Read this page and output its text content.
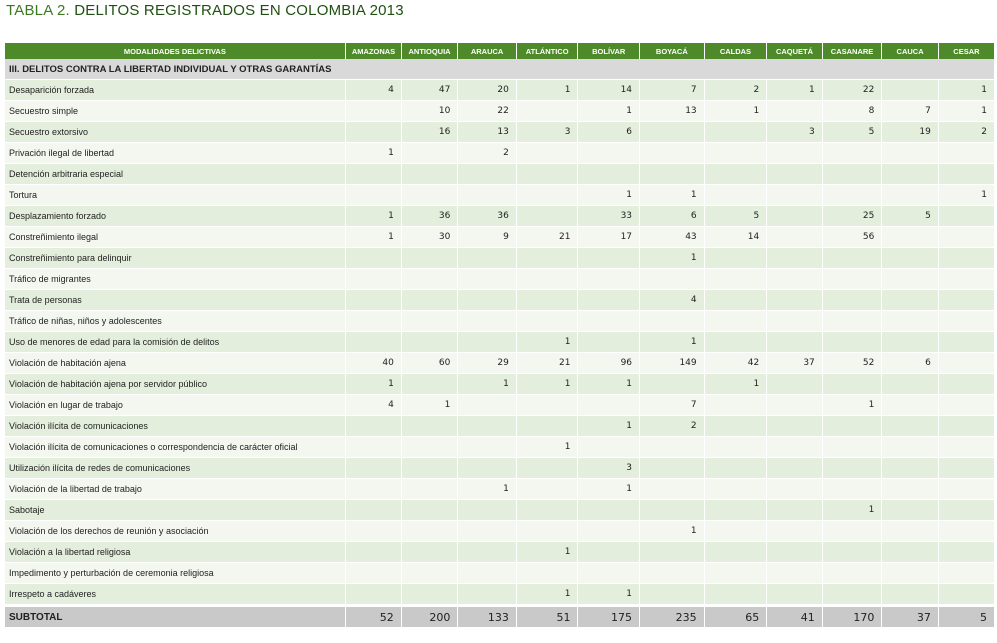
TABLA 2. DELITOS REGISTRADOS EN COLOMBIA 2013
MODALIDADES DELICTIVAS	AMAZONAS	ANTIOQUIA	ARAUCA	ATLÁNTICO	BOLÍVAR	BOYACÁ	CALDAS	CAQUETÁ	CASANARE	CAUCA	CESAR
III. DELITOS CONTRA LA LIBERTAD INDIVIDUAL Y OTRAS GARANTÍAS											
Desaparición forzada	4	47	20	1	14	7	2	1	22		1
Secuestro simple		10	22		1	13	1		8	7	1
Secuestro extorsivo		16	13	3	6			3	5	19	2
Privación ilegal de libertad	1		2								
Detención arbitraria especial											
Tortura					1	1					1
Desplazamiento forzado	1	36	36		33	6	5		25	5	
Constreñimiento ilegal	1	30	9	21	17	43	14		56		
Constreñimiento para delinquir						1					
Tráfico de migrantes											
Trata de personas						4					
Tráfico de niñas, niños y adolescentes											
Uso de menores de edad para la comisión de delitos				1		1					
Violación de habitación ajena	40	60	29	21	96	149	42	37	52	6	
Violación de habitación ajena por servidor público	1		1	1	1		1				
Violación en lugar de trabajo	4	1				7			1		
Violación ilícita de comunicaciones					1	2					
Violación ilícita de comunicaciones o correspondencia de carácter oficial				1							
Utilización ilícita de redes de comunicaciones					3						
Violación de la libertad de trabajo			1		1						
Sabotaje									1		
Violación de los derechos de reunión y asociación						1					
Violación a la libertad religiosa				1							
Impedimento y perturbación de ceremonia religiosa											
Irrespeto a cadáveres				1	1						
SUBTOTAL	52	200	133	51	175	235	65	41	170	37	5
